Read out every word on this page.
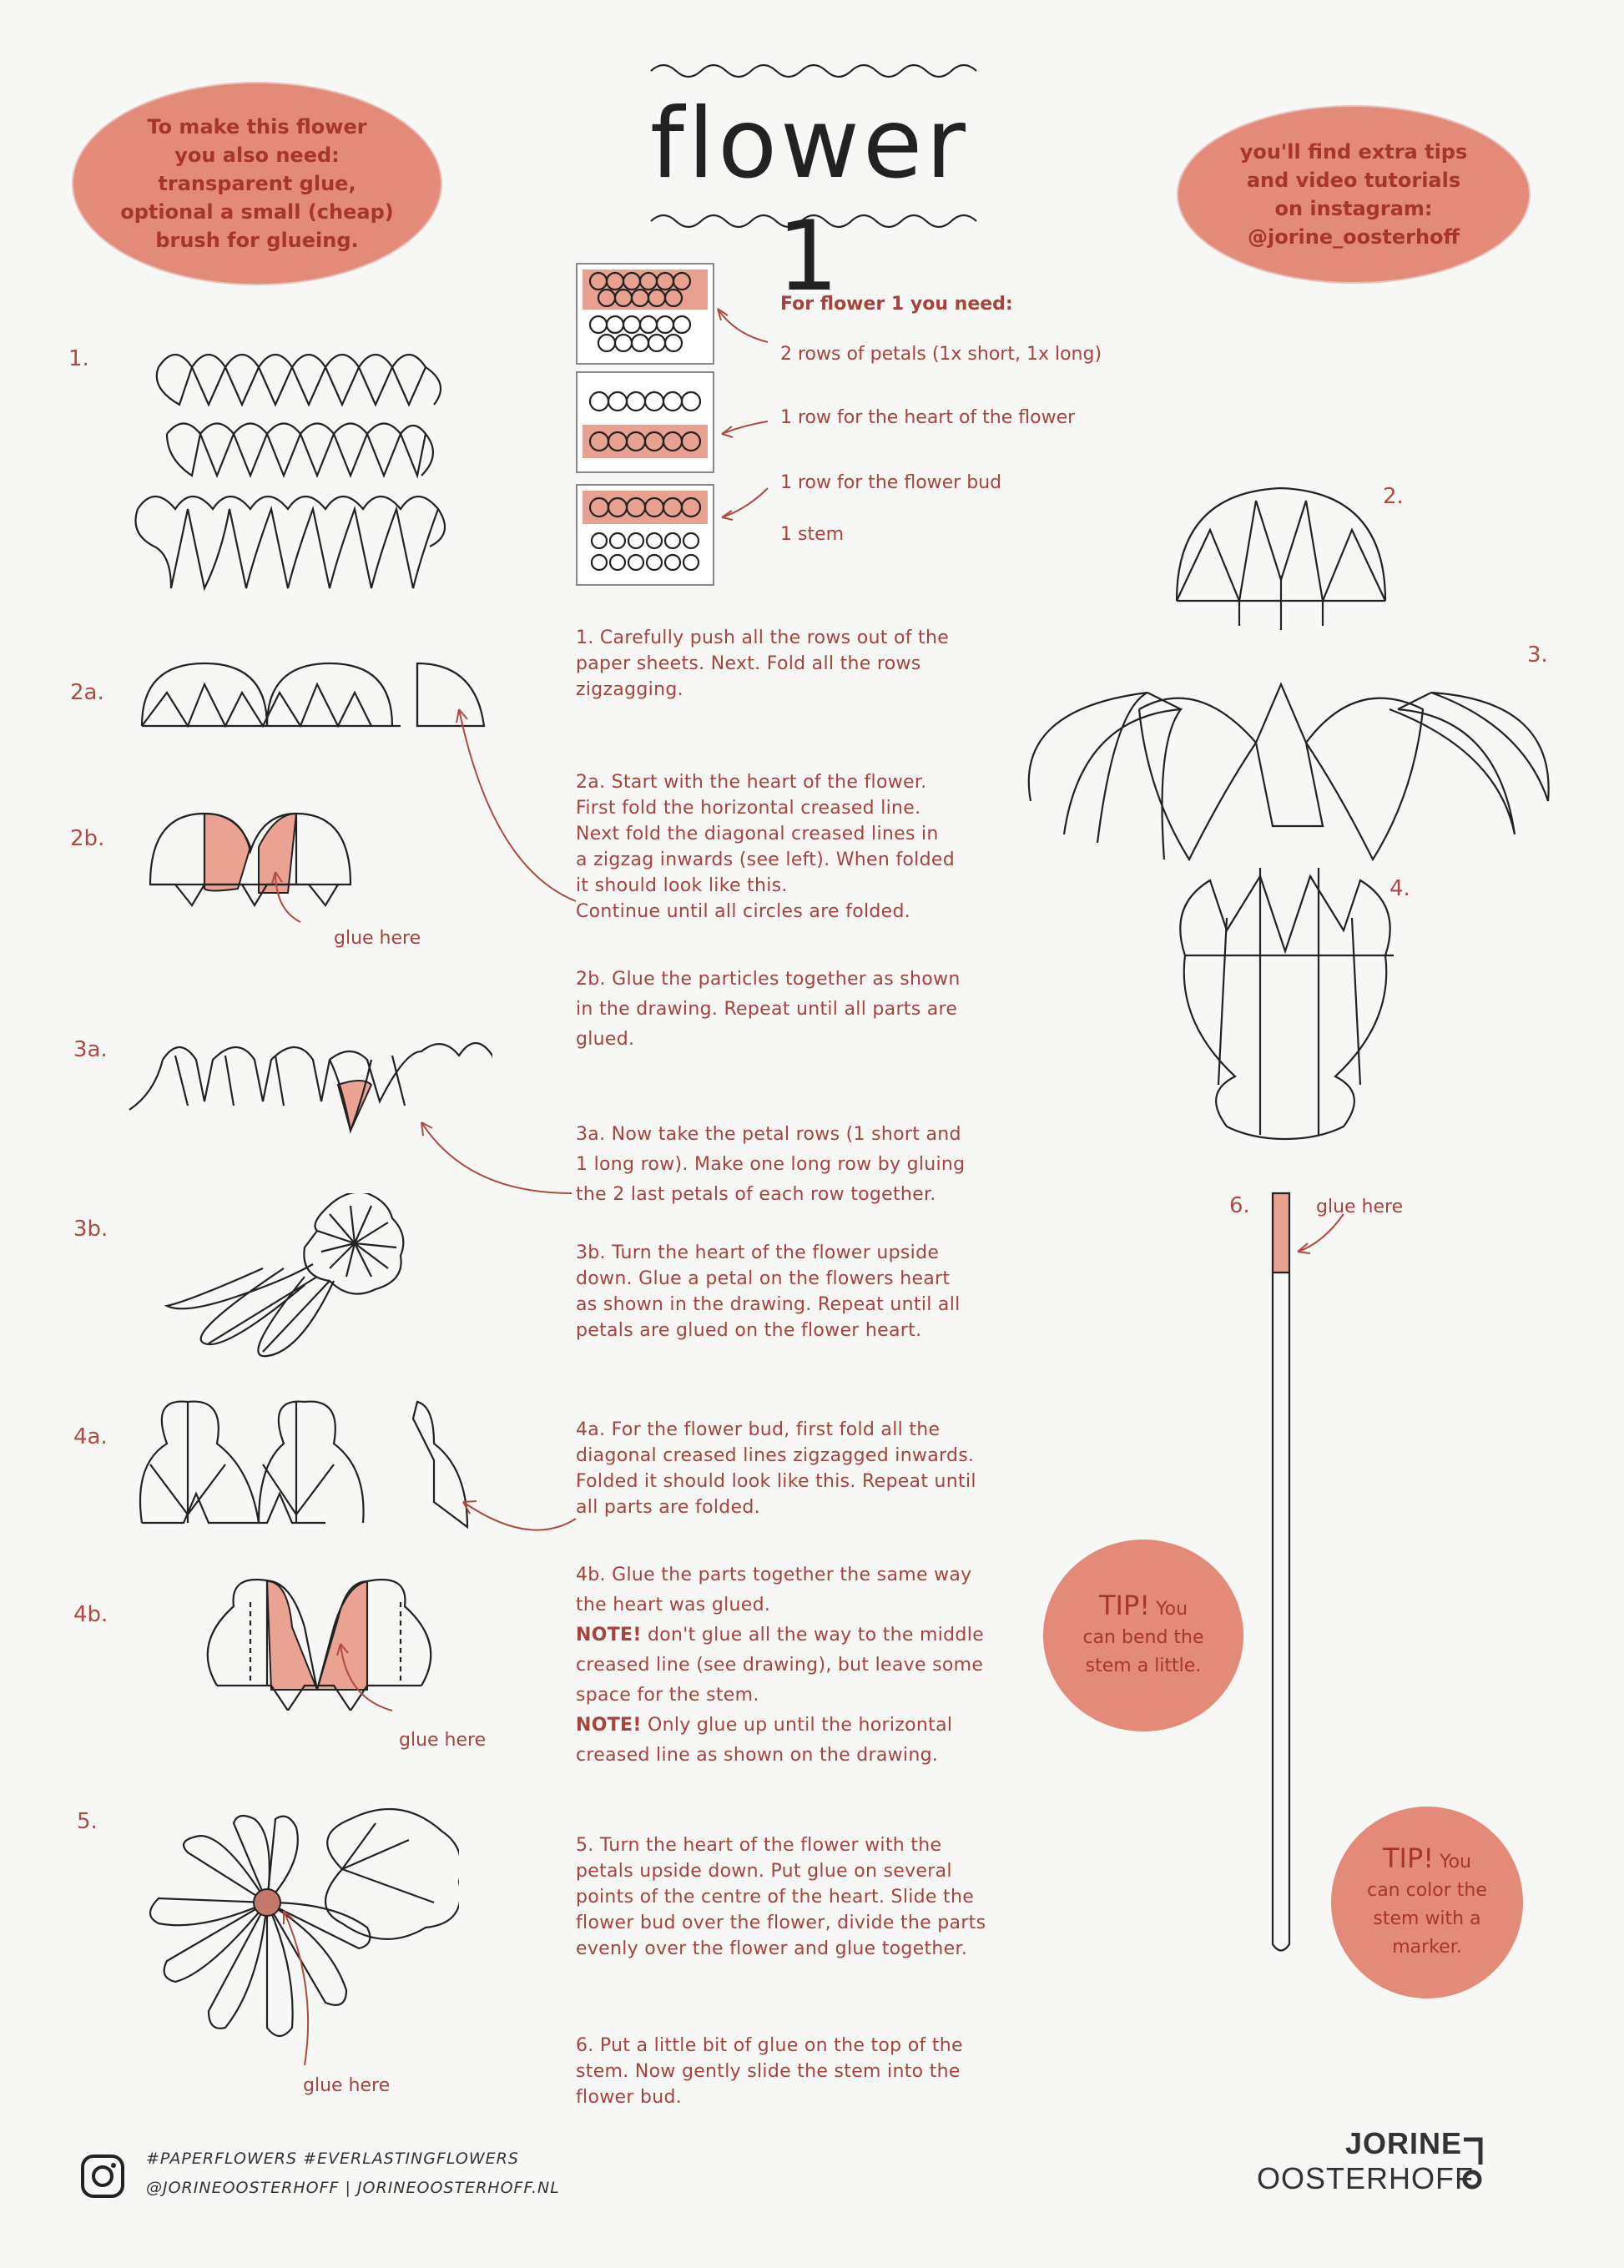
To make this flower
you also need:
transparent glue,
optional a small (cheap)
brush for glueing.
you'll find extra tips
and video tutorials
on instagram:
@jorine_oosterhoff
flower 1
For flower 1 you need:
2 rows of petals (1x short, 1x long)
1 row for the heart of the flower
1 row for the flower bud
1 stem
1.
2a.
2b.
3a.
3b.
4a.
4b.
5.
glue here
glue here
glue here
1. Carefully push all the rows out of the
paper sheets. Next. Fold all the rows
zigzagging.
2a. Start with the heart of the flower.
First fold the horizontal creased line.
Next fold the diagonal creased lines in
a zigzag inwards (see left). When folded
it should look like this.
Continue until all circles are folded.
2b. Glue the particles together as shown
in the drawing. Repeat until all parts are
glued.
3a. Now take the petal rows (1 short and
1 long row). Make one long row by gluing
the 2 last petals of each row together.
3b. Turn the heart of the flower upside
down. Glue a petal on the flowers heart
as shown in the drawing. Repeat until all
petals are glued on the flower heart.
4a. For the flower bud, first fold all the
diagonal creased lines zigzagged inwards.
Folded it should look like this. Repeat until
all parts are folded.
4b. Glue the parts together the same way
the heart was glued.
NOTE! don't glue all the way to the middle
creased line (see drawing), but leave some
space for the stem.
NOTE! Only glue up until the horizontal
creased line as shown on the drawing.
5. Turn the heart of the flower with the
petals upside down. Put glue on several
points of the centre of the heart. Slide the
flower bud over the flower, divide the parts
evenly over the flower and glue together.
6. Put a little bit of glue on the top of the
stem. Now gently slide the stem into the
flower bud.
2.
3.
4.
6.	glue here
TIP! You
can bend the
stem a little.
TIP! You
can color the
stem with a
marker.
#PAPERFLOWERS #EVERLASTINGFLOWERS
@JORINEOOSTERHOFF | JORINEOOSTERHOFF.NL
JORINE
OOSTERHOFF
